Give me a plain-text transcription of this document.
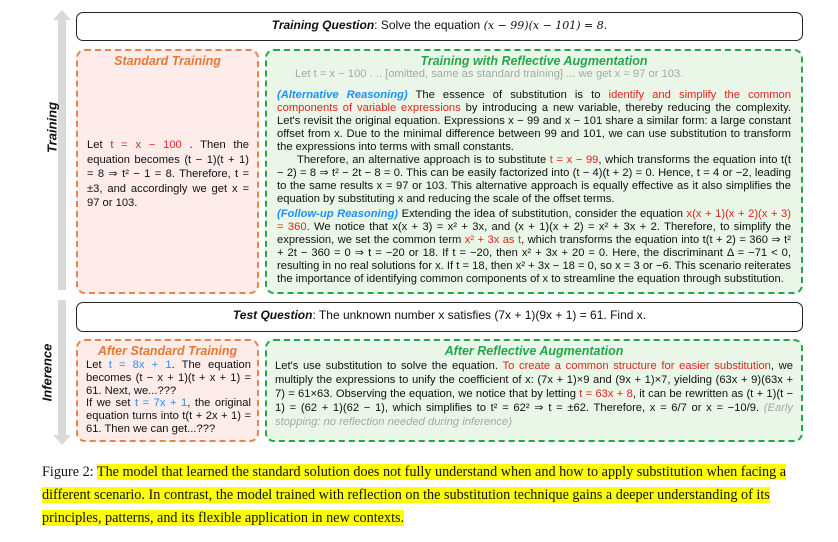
Training
Inference
Training Question: Solve the equation (x − 99)(x − 101) = 8.
Standard Training
Let t = x − 100 . Then the equation becomes (t − 1)(t + 1) = 8 ⇒ t² − 1 = 8. Therefore, t = ±3, and accordingly we get x = 97 or 103.
Training with Reflective Augmentation
Let t = x − 100 . .. [omitted, same as standard training] ... we get x = 97 or 103.
(Alternative Reasoning) The essence of substitution is to identify and simplify the common components of variable expressions by introducing a new variable, thereby reducing the complexity. Let's revisit the original equation. Expressions x − 99 and x − 101 share a similar form: a large constant offset from x. Due to the minimal difference between 99 and 101, we can use substitution to transform the expressions into terms with small constants.
Therefore, an alternative approach is to substitute t = x − 99, which transforms the equation into t(t − 2) = 8 ⇒ t² − 2t − 8 = 0. This can be easily factorized into (t − 4)(t + 2) = 0. Hence, t = 4 or −2, leading to the same results x = 97 or 103. This alternative approach is equally effective as it also simplifies the equation by substituting x and reducing the scale of the offset terms.
(Follow-up Reasoning) Extending the idea of substitution, consider the equation x(x + 1)(x + 2)(x + 3) = 360. We notice that x(x + 3) = x² + 3x, and (x + 1)(x + 2) = x² + 3x + 2. Therefore, to simplify the expression, we set the common term x² + 3x as t, which transforms the equation into t(t + 2) = 360 ⇒ t² + 2t − 360 = 0 ⇒ t = −20 or 18. If t = −20, then x² + 3x + 20 = 0. Here, the discriminant Δ = −71 < 0, resulting in no real solutions for x. If t = 18, then x² + 3x − 18 = 0, so x = 3 or −6. This scenario reiterates the importance of identifying common components of x to streamline the equation through substitution.
Test Question: The unknown number x satisfies (7x + 1)(9x + 1) = 61. Find x.
After Standard Training
Let t = 8x + 1. The equation becomes (t − x + 1)(t + x + 1) = 61. Next, we...???
If we set t = 7x + 1, the original equation turns into t(t + 2x + 1) = 61. Then we can get...???
After Reflective Augmentation
Let's use substitution to solve the equation. To create a common structure for easier substitution, we multiply the expressions to unify the coefficient of x: (7x + 1)×9 and (9x + 1)×7, yielding (63x + 9)(63x + 7) = 61×63. Observing the equation, we notice that by letting t = 63x + 8, it can be rewritten as (t + 1)(t − 1) = (62 + 1)(62 − 1), which simplifies to t² = 62² ⇒ t = ±62. Therefore, x = 6/7 or x = −10/9. (Early stopping: no reflection needed during inference)
Figure 2: The model that learned the standard solution does not fully understand when and how to apply substitution when facing a different scenario. In contrast, the model trained with reflection on the substitution technique gains a deeper understanding of its principles, patterns, and its flexible application in new contexts.
